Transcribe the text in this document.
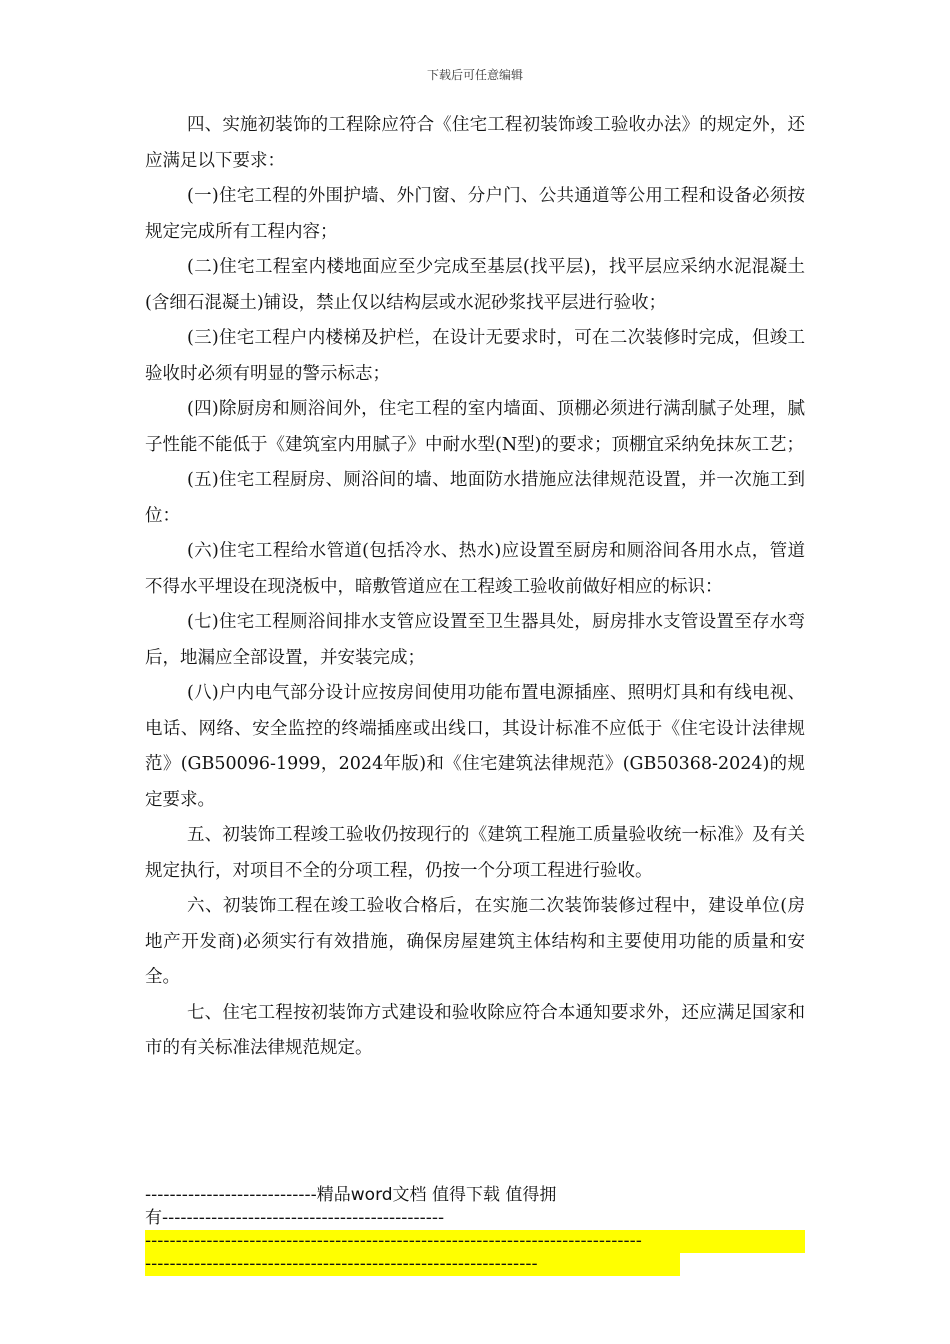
下载后可任意编辑

四、实施初装饰的工程除应符合《住宅工程初装饰竣工验收办法》的规定外，还应满足以下要求：

(一)住宅工程的外围护墙、外门窗、分户门、公共通道等公用工程和设备必须按规定完成所有工程内容；

(二)住宅工程室内楼地面应至少完成至基层(找平层)，找平层应采纳水泥混凝土(含细石混凝土)铺设，禁止仅以结构层或水泥砂浆找平层进行验收；

(三)住宅工程户内楼梯及护栏，在设计无要求时，可在二次装修时完成，但竣工验收时必须有明显的警示标志；

(四)除厨房和厕浴间外，住宅工程的室内墙面、顶棚必须进行满刮腻子处理，腻子性能不能低于《建筑室内用腻子》中耐水型(N型)的要求；顶棚宜采纳免抹灰工艺；

(五)住宅工程厨房、厕浴间的墙、地面防水措施应法律规范设置，并一次施工到位：

(六)住宅工程给水管道(包括冷水、热水)应设置至厨房和厕浴间各用水点，管道不得水平埋设在现浇板中，暗敷管道应在工程竣工验收前做好相应的标识：

(七)住宅工程厕浴间排水支管应设置至卫生器具处，厨房排水支管设置至存水弯后，地漏应全部设置，并安装完成；

(八)户内电气部分设计应按房间使用功能布置电源插座、照明灯具和有线电视、电话、网络、安全监控的终端插座或出线口，其设计标准不应低于《住宅设计法律规范》(GB50096-1999，2024年版)和《住宅建筑法律规范》(GB50368-2024)的规定要求。

五、初装饰工程竣工验收仍按现行的《建筑工程施工质量验收统一标准》及有关规定执行，对项目不全的分项工程，仍按一个分项工程进行验收。

六、初装饰工程在竣工验收合格后，在实施二次装饰装修过程中，建设单位(房地产开发商)必须实行有效措施，确保房屋建筑主体结构和主要使用功能的质量和安全。

七、住宅工程按初装饰方式建设和验收除应符合本通知要求外，还应满足国家和市的有关标准法律规范规定。

----------------------------精品word文档 值得下载 值得拥
有----------------------------------------------
---------------------------------------------------------------------------------
----------------------------------------------------------------
